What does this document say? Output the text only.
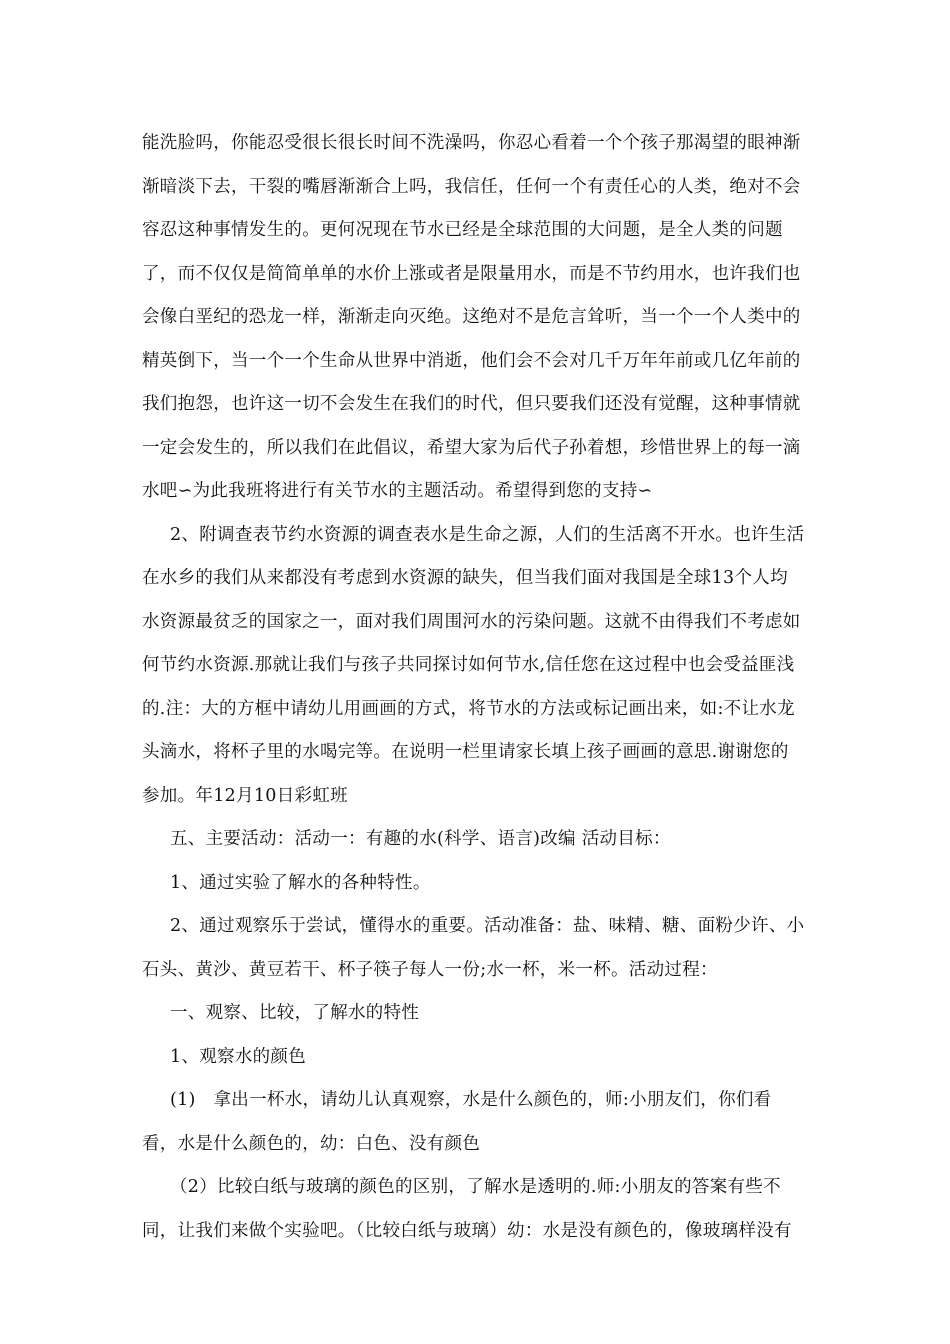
能洗脸吗，你能忍受很长很长时间不洗澡吗，你忍心看着一个个孩子那渴望的眼神渐
渐暗淡下去，干裂的嘴唇渐渐合上吗，我信任，任何一个有责任心的人类，绝对不会
容忍这种事情发生的。更何况现在节水已经是全球范围的大问题，是全人类的问题
了，而不仅仅是简简单单的水价上涨或者是限量用水，而是不节约用水，也许我们也
会像白垩纪的恐龙一样，渐渐走向灭绝。这绝对不是危言耸听，当一个一个人类中的
精英倒下，当一个一个生命从世界中消逝，他们会不会对几千万年年前或几亿年前的
我们抱怨，也许这一切不会发生在我们的时代，但只要我们还没有觉醒，这种事情就
一定会发生的，所以我们在此倡议，希望大家为后代子孙着想，珍惜世界上的每一滴
水吧∽为此我班将进行有关节水的主题活动。希望得到您的支持∽
2、附调查表节约水资源的调查表水是生命之源，人们的生活离不开水。也许生活
在水乡的我们从来都没有考虑到水资源的缺失，但当我们面对我国是全球13个人均
水资源最贫乏的国家之一，面对我们周围河水的污染问题。这就不由得我们不考虑如
何节约水资源.那就让我们与孩子共同探讨如何节水,信任您在这过程中也会受益匪浅
的.注：大的方框中请幼儿用画画的方式，将节水的方法或标记画出来，如:不让水龙
头滴水，将杯子里的水喝完等。在说明一栏里请家长填上孩子画画的意思.谢谢您的
参加。年12月10日彩虹班
五、主要活动：活动一：有趣的水(科学、语言)改编 活动目标：
1、通过实验了解水的各种特性。
2、通过观察乐于尝试，懂得水的重要。活动准备：盐、味精、糖、面粉少许、小
石头、黄沙、黄豆若干、杯子筷子每人一份;水一杯，米一杯。活动过程：
一、观察、比较，了解水的特性
1、观察水的颜色
(1)　拿出一杯水，请幼儿认真观察，水是什么颜色的，师:小朋友们，你们看
看，水是什么颜色的，幼：白色、没有颜色
（2）比较白纸与玻璃的颜色的区别，了解水是透明的.师:小朋友的答案有些不
同，让我们来做个实验吧。（比较白纸与玻璃）幼：水是没有颜色的，像玻璃样没有
